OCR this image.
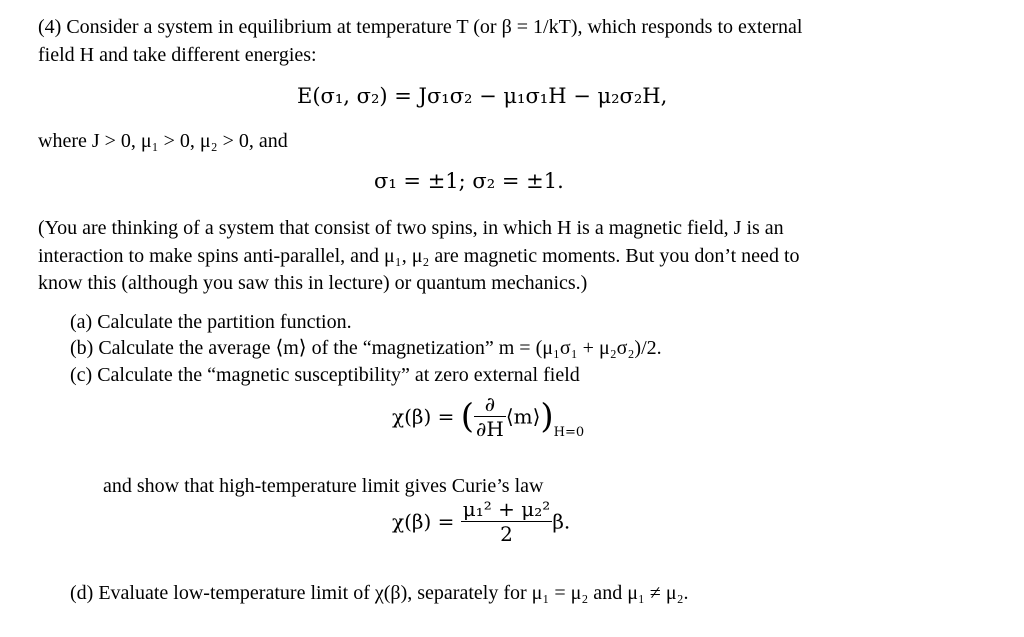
(4) Consider a system in equilibrium at temperature T (or β = 1/kT), which responds to external
field H and take different energies:
E(σ₁, σ₂) = Jσ₁σ₂ − μ₁σ₁H − μ₂σ₂H,
where J > 0, μ₁ > 0, μ₂ > 0, and
σ₁ = ±1; σ₂ = ±1.
(You are thinking of a system that consist of two spins, in which H is a magnetic field, J is an
interaction to make spins anti-parallel, and μ₁, μ₂ are magnetic moments. But you don’t need to
know this (although you saw this in lecture) or quantum mechanics.)
(a) Calculate the partition function.
(b) Calculate the average ⟨m⟩ of the “magnetization” m = (μ₁σ₁ + μ₂σ₂)/2.
(c) Calculate the “magnetic susceptibility” at zero external field
χ(β) = ( $\frac{\partial}{\partial H}$ $⟨m⟩)_{H=0}$
and show that high-temperature limit gives Curie’s law
$\chi(\beta) = \frac{\text{μ₁² + μ₂²}}{2} \beta$.
(d) Evaluate low-temperature limit of χ(β), separately for μ₁ = μ₂ and μ₁ ≠ μ₂.
